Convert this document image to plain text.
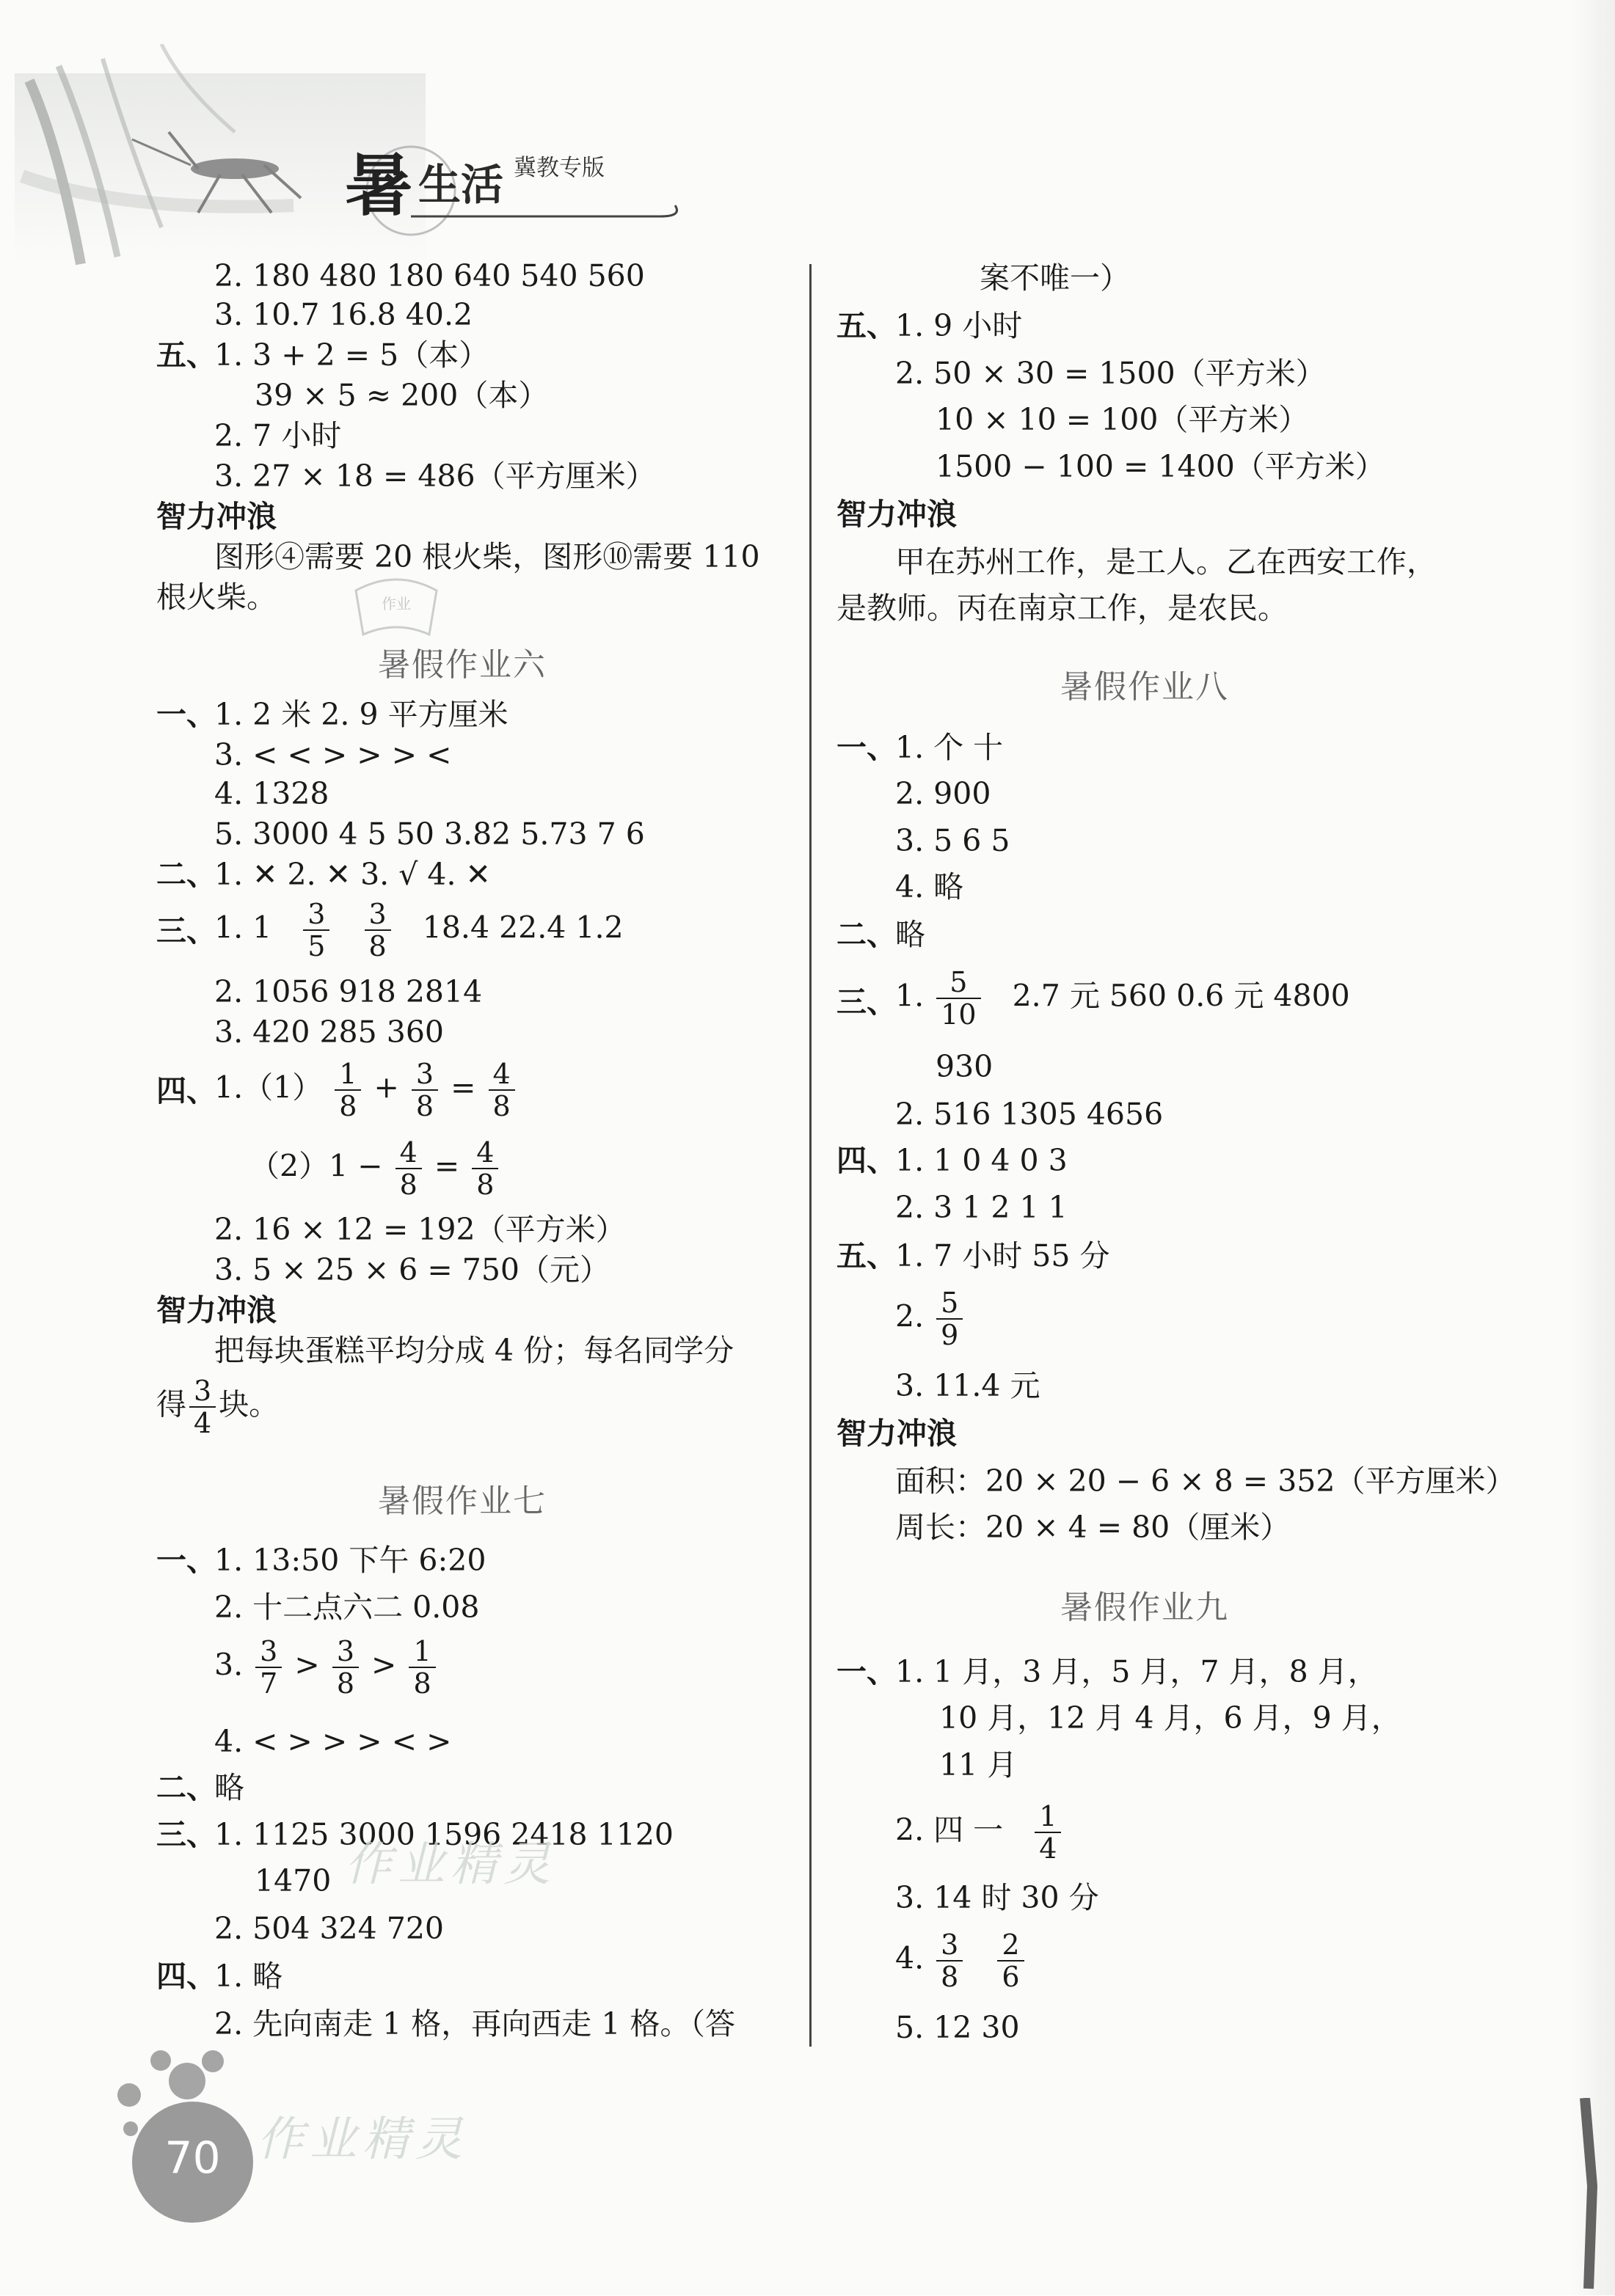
暑 生活 冀教专版
2. 180 480 180 640 540 560
3. 10.7 16.8 40.2
五、
1. 3 + 2 = 5（本）
39 × 5 ≈ 200（本）
2. 7 小时
3. 27 × 18 = 486（平方厘米）
智力冲浪
图形④需要 20 根火柴，图形⑩需要 110
根火柴。	作业
暑假作业六
一、
1. 2 米 2. 9 平方厘米
3. < < > > > <
4. 1328
5. 3000 4 5 50 3.82 5.73 7 6
二、
1. ✕ 2. ✕ 3. √ 4. ✕
三、
1. $1 \frac{3}{5}$
$\frac{3}{8} 18.4$ 22.4 1.2
2. 1056 918 2814
3. 420 285 360
四、
$1.(1) \frac{1}{8} + \frac{3}{8} = \frac{4}{8}$
$(2)1 - \frac{4}{8} = \frac{4}{8}$
2. 16 × 12 = 192（平方米）
3. 5 × 25 × 6 = 750（元）
智力冲浪
把每块蛋糕平均分成 4 份；每名同学分
得 $\frac{3}{4}$ 块。
暑假作业七
一、
1. 13:50 下午 6:20
2. 十二点六二 0.08
3. $\frac{3}{7} > \frac{3}{8} > \frac{1}{8}$
4. < > > > < >
二、
略
三、
1. 1125 3000 1596 2418 1120
1470
2. 504 324 720
四、
1. 略
2. 先向南走 1 格，再向西走 1 格。（答
作业精灵
案不唯一）
五、
1. 9 小时
2. 50 × 30 = 1500（平方米）
10 × 10 = 100（平方米）
1500 − 100 = 1400（平方米）
智力冲浪
甲在苏州工作，是工人。乙在西安工作，
是教师。丙在南京工作，是农民。
暑假作业八
一、
1. 个 十
2. 900
3. 5 6 5
4. 略
二、
略
三、
1. $\frac{5}{10} 2.7$ 元 560 0.6 元 4800
930
2. 516 1305 4656
四、
1. 1 0 4 0 3
2. 3 1 2 1 1
五、
1. 7 小时 55 分
2. $\frac{5}{9}$
3. 11.4 元
智力冲浪
面积：20 × 20 − 6 × 8 = 352（平方厘米）
周长：20 × 4 = 80（厘米）
暑假作业九
一、
1. 1 月，3 月，5 月，7 月，8 月，
10 月，12 月 4 月，6 月，9 月，
11 月
2. 四 一 $\frac{1}{4}$
3. 14 时 30 分
4. $\frac{3}{8}$
$\frac{2}{6}$
5. 12 30
70 作业精灵
